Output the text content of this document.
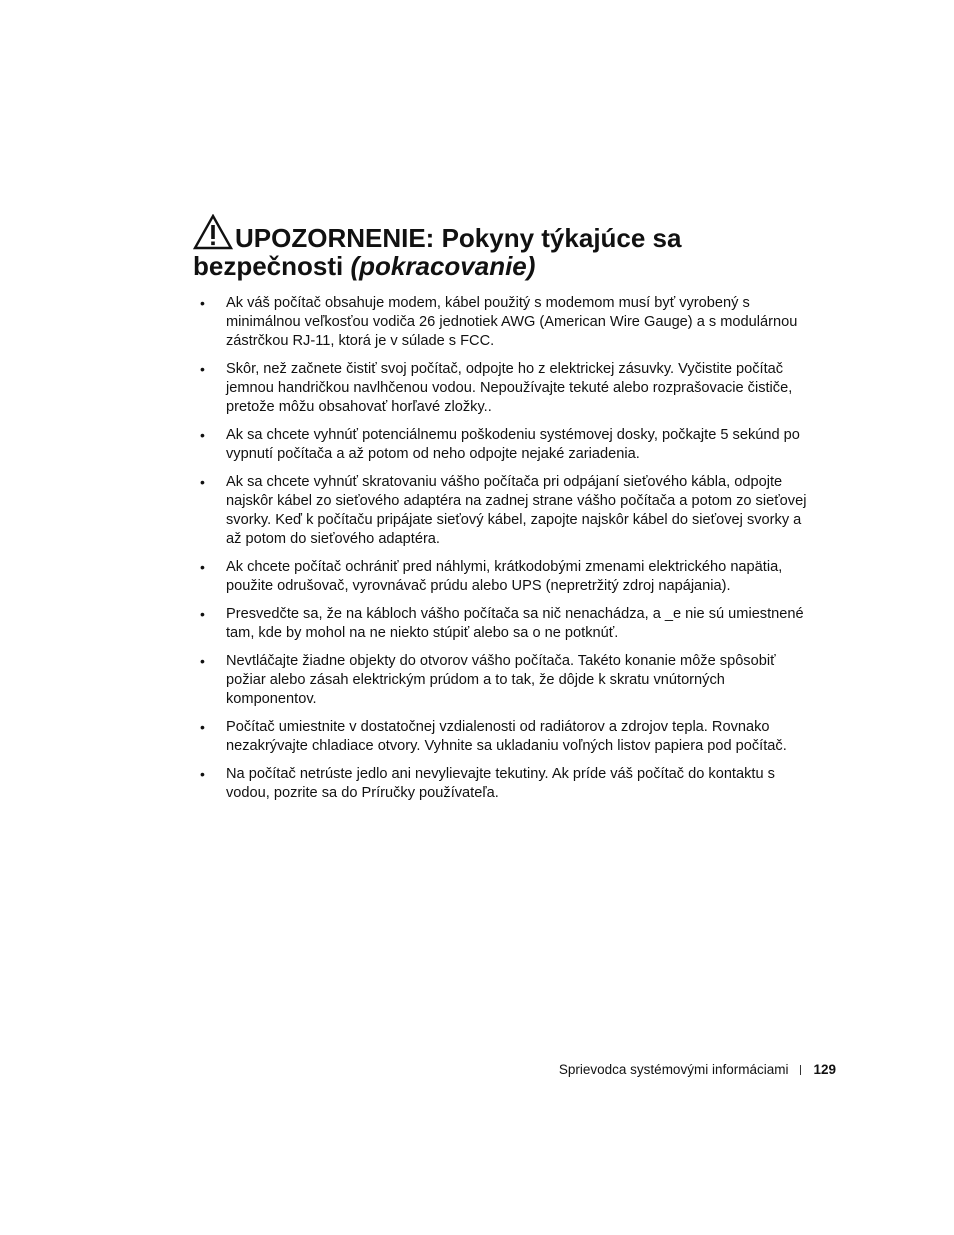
UPOZORNENIE: Pokyny týkajúce sa bezpečnosti (pokracovanie)
•	Ak váš počítač obsahuje modem, kábel použitý s modemom musí byť vyrobený s minimálnou veľkosťou vodiča 26 jednotiek AWG (American Wire Gauge) a s modulárnou zástrčkou RJ-11, ktorá je v súlade s FCC.
•	Skôr, než začnete čistiť svoj počítač, odpojte ho z elektrickej zásuvky. Vyčistite počítač jemnou handričkou navlhčenou vodou. Nepoužívajte tekuté alebo rozprašovacie čističe, pretože môžu obsahovať horľavé zložky..
•	Ak sa chcete vyhnúť potenciálnemu poškodeniu systémovej dosky, počkajte 5 sekúnd po vypnutí počítača a až potom od neho odpojte nejaké zariadenia.
•	Ak sa chcete vyhnúť skratovaniu vášho počítača pri odpájaní sieťového kábla, odpojte najskôr kábel zo sieťového adaptéra na zadnej strane vášho počítača a potom zo sieťovej svorky. Keď k počítaču pripájate sieťový kábel, zapojte najskôr kábel do sieťovej svorky a až potom do sieťového adaptéra.
•	Ak chcete počítač ochrániť pred náhlymi, krátkodobými zmenami elektrického napätia, použite odrušovač, vyrovnávač prúdu alebo UPS (nepretržitý zdroj napájania).
•	Presvedčte sa, že na kábloch vášho počítača sa nič nenachádza, a _e nie sú umiestnené tam, kde by mohol na ne niekto stúpiť alebo sa o ne potknúť.
•	Nevtláčajte žiadne objekty do otvorov vášho počítača. Takéto konanie môže spôsobiť požiar alebo zásah elektrickým prúdom a to tak, že dôjde k skratu vnútorných komponentov.
•	Počítač umiestnite v dostatočnej vzdialenosti od radiátorov a zdrojov tepla. Rovnako nezakrývajte chladiace otvory. Vyhnite sa ukladaniu voľných listov papiera pod počítač.
•	Na počítač netrúste jedlo ani nevylievajte tekutiny. Ak príde váš počítač do kontaktu s vodou, pozrite sa do Príručky používateľa.
Sprievodca systémovými informáciami 129
